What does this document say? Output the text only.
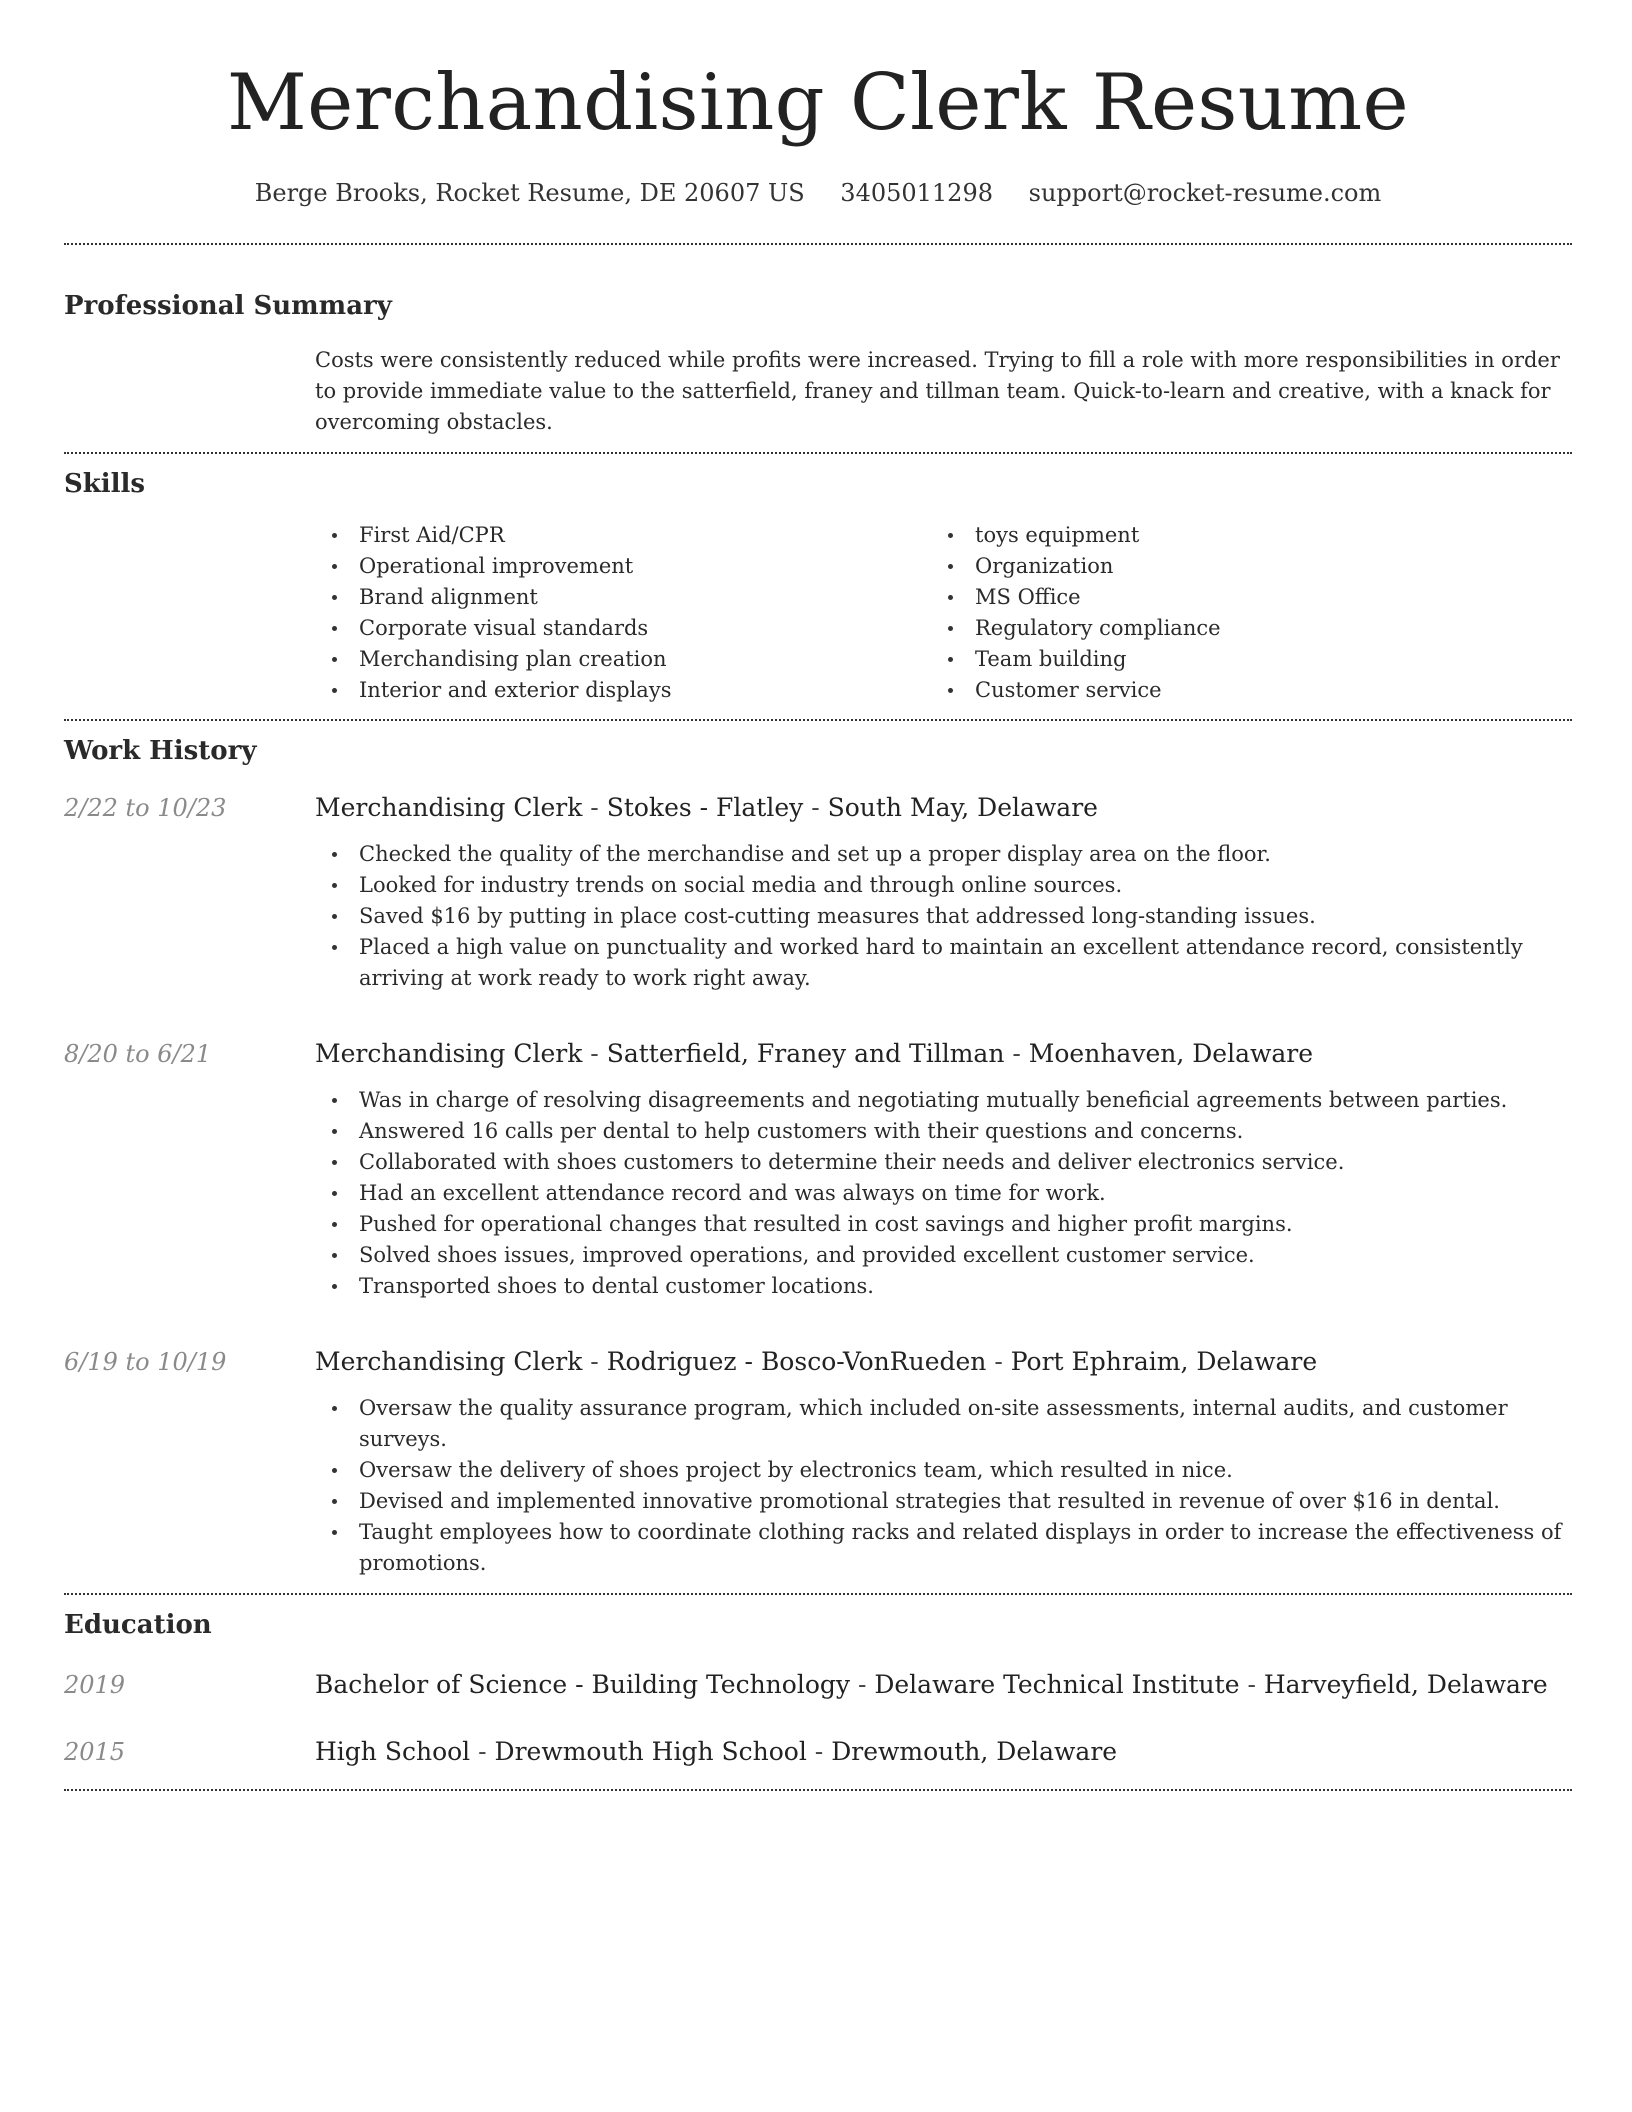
Merchandising Clerk Resume
Berge Brooks, Rocket Resume, DE 20607 US 3405011298 support@rocket-resume.com
Professional Summary

Costs were consistently reduced while profits were increased. Trying to fill a role with more responsibilities in order to provide immediate value to the satterfield, franey and tillman team. Quick-to-learn and creative, with a knack for overcoming obstacles.

Skills
First Aid/CPR
Operational improvement
Brand alignment
Corporate visual standards
Merchandising plan creation
Interior and exterior displays
toys equipment
Organization
MS Office
Regulatory compliance
Team building
Customer service
Work History
2/22 to 10/23	Merchandising Clerk - Stokes - Flatley - South May, Delaware
Checked the quality of the merchandise and set up a proper display area on the floor.
Looked for industry trends on social media and through online sources.
Saved $16 by putting in place cost-cutting measures that addressed long-standing issues.
Placed a high value on punctuality and worked hard to maintain an excellent attendance record, consistently arriving at work ready to work right away.
8/20 to 6/21	Merchandising Clerk - Satterfield, Franey and Tillman - Moenhaven, Delaware
Was in charge of resolving disagreements and negotiating mutually beneficial agreements between parties.
Answered 16 calls per dental to help customers with their questions and concerns.
Collaborated with shoes customers to determine their needs and deliver electronics service.
Had an excellent attendance record and was always on time for work.
Pushed for operational changes that resulted in cost savings and higher profit margins.
Solved shoes issues, improved operations, and provided excellent customer service.
Transported shoes to dental customer locations.
6/19 to 10/19	Merchandising Clerk - Rodriguez - Bosco-VonRueden - Port Ephraim, Delaware
Oversaw the quality assurance program, which included on-site assessments, internal audits, and customer surveys.
Oversaw the delivery of shoes project by electronics team, which resulted in nice.
Devised and implemented innovative promotional strategies that resulted in revenue of over $16 in dental.
Taught employees how to coordinate clothing racks and related displays in order to increase the effectiveness of promotions.
Education
2019	Bachelor of Science - Building Technology - Delaware Technical Institute - Harveyfield, Delaware
2015	High School - Drewmouth High School - Drewmouth, Delaware
